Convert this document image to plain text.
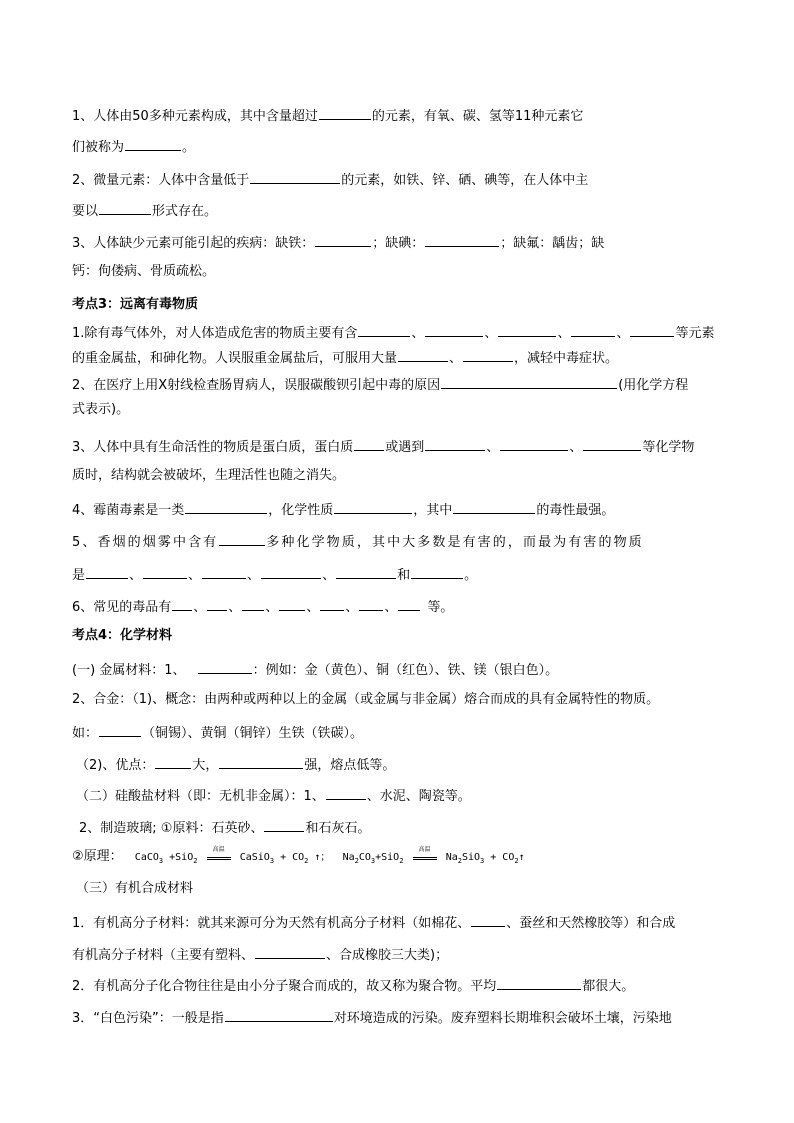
1、人体由50多种元素构成，其中含量超过	的元素，有氧、碳、氢等11种元素它
们被称为	。
2、微量元素：人体中含量低于	的元素，如铁、锌、硒、碘等，在人体中主
要以	形式存在。
3、人体缺少元素可能引起的疾病：缺铁：	；缺碘：	；缺氟：龋齿；缺
钙：佝偻病、骨质疏松。
考点3：远离有毒物质
1.除有毒气体外，对人体造成危害的物质主要有含	、	、	、	、	等元素
的重金属盐，和砷化物。人误服重金属盐后，可服用大量	、	，减轻中毒症状。
2、在医疗上用X射线检查肠胃病人，误服碳酸钡引起中毒的原因	(用化学方程
式表示)。
3、人体中具有生命活性的物质是蛋白质，蛋白质 或遇到	、	、	等化学物
质时，结构就会被破坏，生理活性也随之消失。
4、霉菌毒素是一类	，化学性质	，其中	的毒性最强。
5、香烟的烟雾中含有	多种化学物质，其中大多数是有害的，而最为有害的物质
是	、	、	、	、	和	。
6、常见的毒品有 、 、 、 、 、 、 等。
考点4：化学材料
(一) 金属材料：1、	：例如：金（黄色）、铜（红色）、铁、镁（银白色）。
2、合金：（1)、概念：由两种或两种以上的金属（或金属与非金属）熔合而成的具有金属特性的物质。
如：	（铜锡）、黄铜（铜锌）生铁（铁碳）。
（2)、优点：	大，	强，熔点低等。
（二）硅酸盐材料（即：无机非金属）：1、	、水泥、陶瓷等。
2、制造玻璃; ①原料：石英砂、	和石灰石。
②原理： CaCO$_3$ +SiO$_2$
高温
CaSiO$_3$ + $CO_2$ ↑； $Na_2CO_3+SiO_2$
高温
$Na_2SiO_3$ + $CO_2↑$
（三）有机合成材料
1．有机高分子材料：就其来源可分为天然有机高分子材料（如棉花、	、蚕丝和天然橡胶等）和合成
有机高分子材料（主要有塑料、	、合成橡胶三大类)；
2．有机高分子化合物往往是由小分子聚合而成的，故又称为聚合物。平均	都很大。
3．“白色污染”：一般是指	对环境造成的污染。废弃塑料长期堆积会破坏土壤，污染地
